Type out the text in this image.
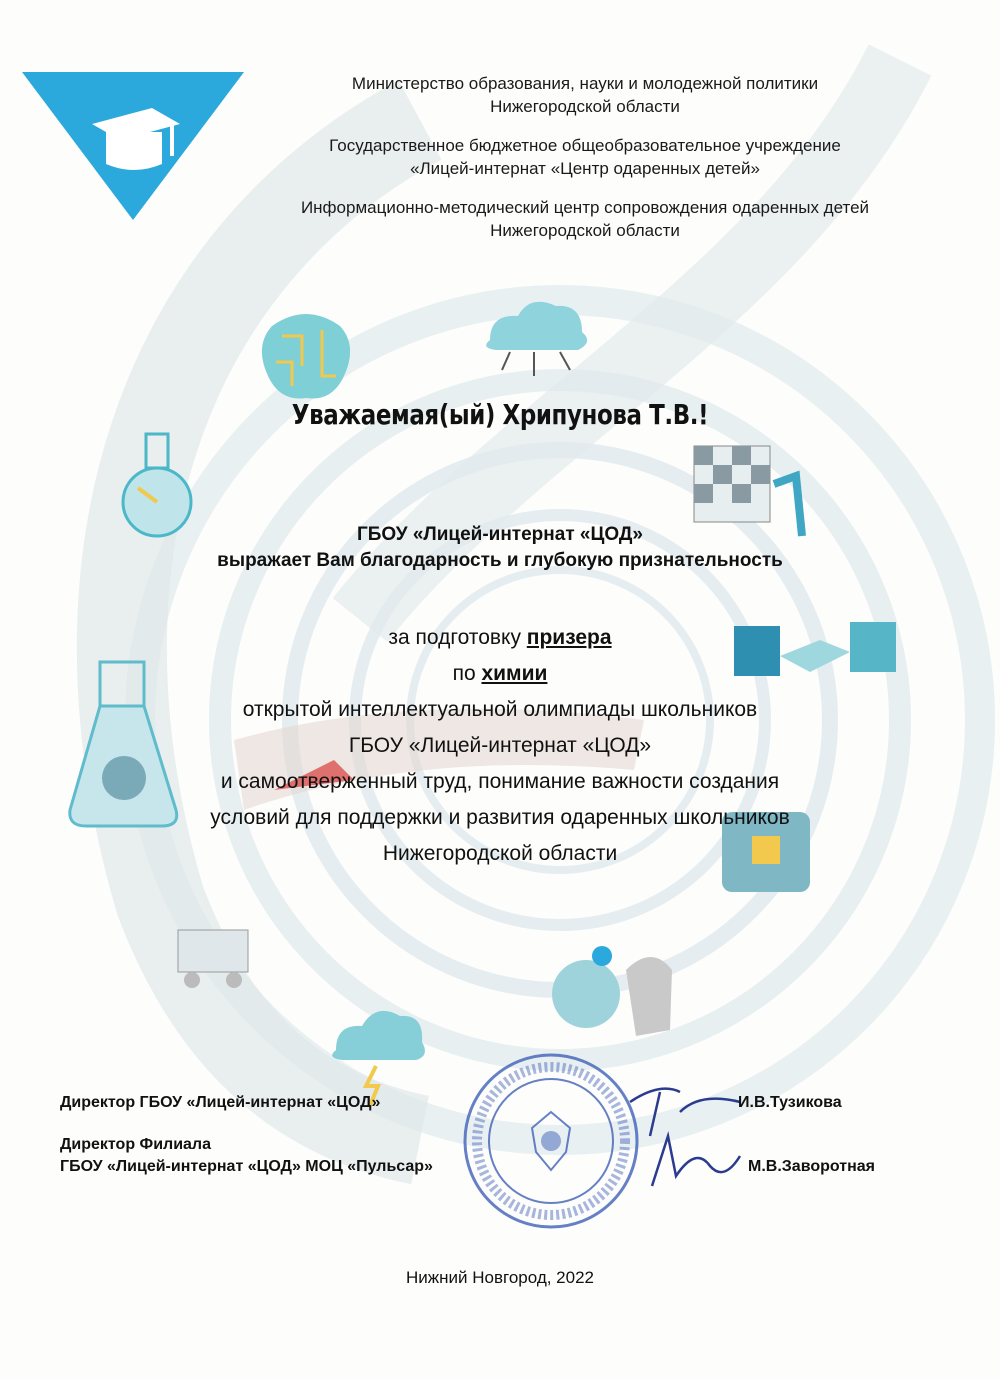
Министерство образования, науки и молодежной политики
Нижегородской области
Государственное бюджетное общеобразовательное учреждение
«Лицей-интернат «Центр одаренных детей»
Информационно-методический центр сопровождения одаренных детей
Нижегородской области
Уважаемая(ый) Хрипунова Т.В.!
ГБОУ «Лицей-интернат «ЦОД»
выражает Вам благодарность и глубокую признательность
за подготовку призера
по химии
открытой интеллектуальной олимпиады школьников
ГБОУ «Лицей-интернат «ЦОД»
и самоотверженный труд, понимание важности создания
условий для поддержки и развития одаренных школьников
Нижегородской области
Директор ГБОУ «Лицей-интернат «ЦОД»	И.В.Тузикова
Директор Филиала
ГБОУ «Лицей-интернат «ЦОД» МОЦ «Пульсар»	М.В.Заворотная
Нижний Новгород, 2022
